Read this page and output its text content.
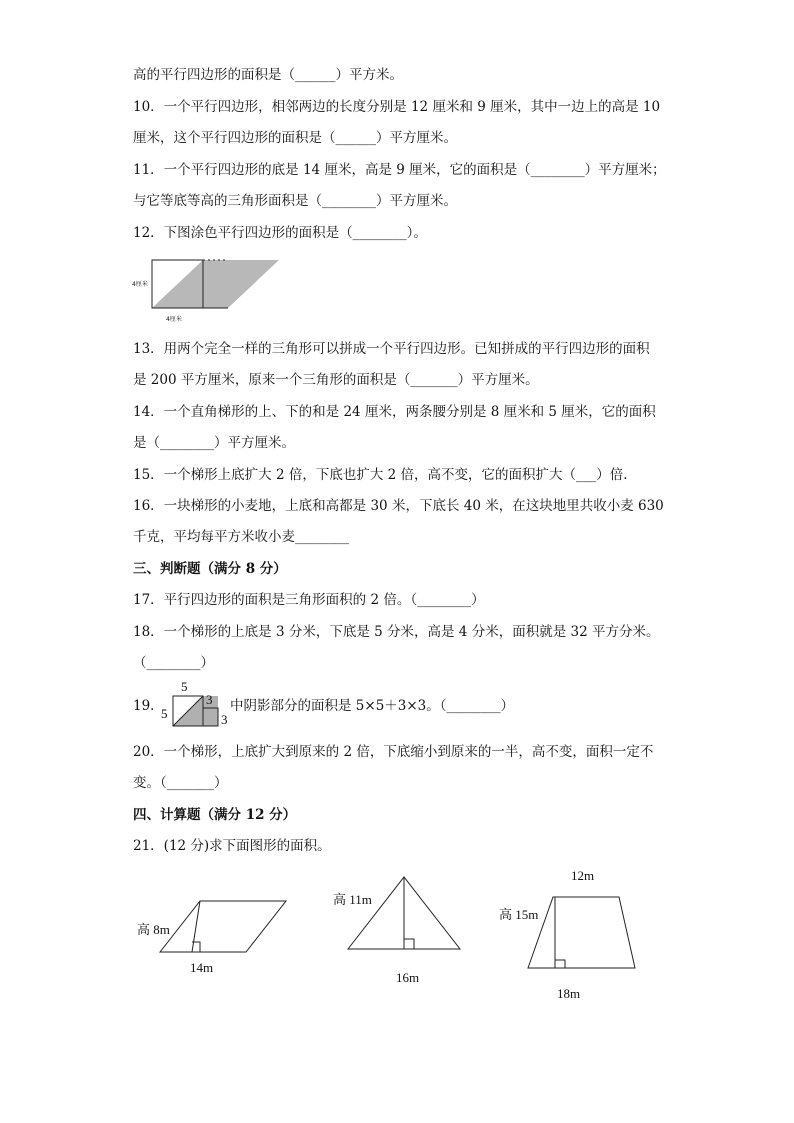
高的平行四边形的面积是（______）平方米。
10．一个平行四边形，相邻两边的长度分别是 12 厘米和 9 厘米，其中一边上的高是 10
厘米，这个平行四边形的面积是（______）平方厘米。
11．一个平行四边形的底是 14 厘米，高是 9 厘米，它的面积是（________）平方厘米；
与它等底等高的三角形面积是（________）平方厘米。
12．下图涂色平行四边形的面积是（________）。
4厘米
4厘米
13．用两个完全一样的三角形可以拼成一个平行四边形。已知拼成的平行四边形的面积
是 200 平方厘米，原来一个三角形的面积是（_______）平方厘米。
14．一个直角梯形的上、下的和是 24 厘米，两条腰分别是 8 厘米和 5 厘米，它的面积
是（________）平方厘米。
15．一个梯形上底扩大 2 倍，下底也扩大 2 倍，高不变，它的面积扩大（___）倍.
16．一块梯形的小麦地，上底和高都是 30 米，下底长 40 米，在这块地里共收小麦 630
千克，平均每平方米收小麦________
三、判断题（满分 8 分）
17．平行四边形的面积是三角形面积的 2 倍。（________）
18．一个梯形的上底是 3 分米，下底是 5 分米，高是 4 分米，面积就是 32 平方分米。
（________）
19．
5
5
3
3
中阴影部分的面积是 5×5＋3×3。（________）
20．一个梯形，上底扩大到原来的 2 倍，下底缩小到原来的一半，高不变，面积一定不
变。（_______）
四、计算题（满分 12 分）
21．(12 分)求下面图形的面积。
高 8m
14m
高 11m
16m
12m
高 15m
18m
